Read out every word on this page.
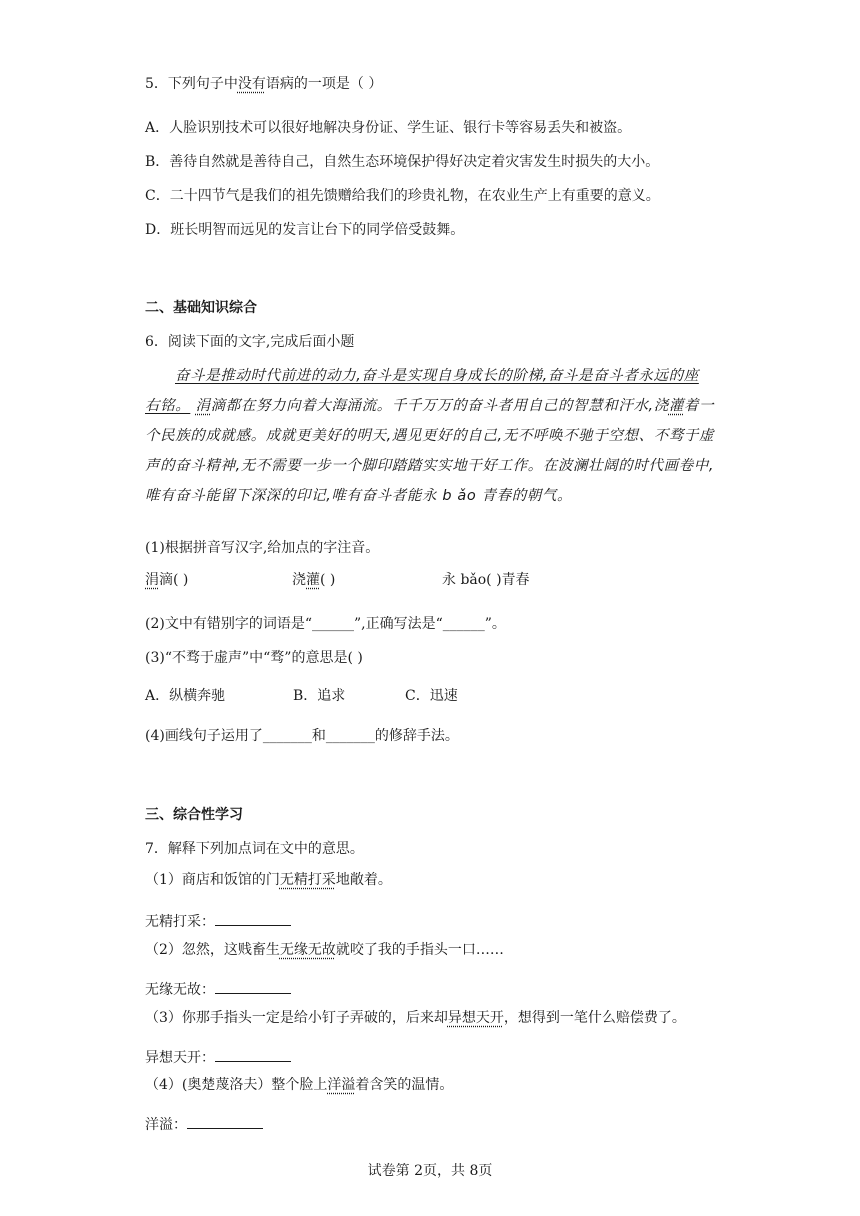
5．下列句子中没有语病的一项是（ ）
A．人脸识别技术可以很好地解决身份证、学生证、银行卡等容易丢失和被盗。
B．善待自然就是善待自己，自然生态环境保护得好决定着灾害发生时损失的大小。
C．二十四节气是我们的祖先馈赠给我们的珍贵礼物，在农业生产上有重要的意义。
D．班长明智而远见的发言让台下的同学倍受鼓舞。
二、基础知识综合
6．阅读下面的文字,完成后面小题
奋斗是推动时代前进的动力,奋斗是实现自身成长的阶梯,奋斗是奋斗者永远的座
右铭。 涓滴都在努力向着大海涌流。千千万万的奋斗者用自己的智慧和汗水,浇灌着一
个民族的成就感。成就更美好的明天,遇见更好的自己,无不呼唤不驰于空想、不骛于虚
声的奋斗精神,无不需要一步一个脚印踏踏实实地干好工作。在波澜壮阔的时代画卷中,
唯有奋斗能留下深深的印记,唯有奋斗者能永 b ǎo 青春的朝气。
(1)根据拼音写汉字,给加点的字注音。
涓滴( )	浇灌( )	永 bǎo( )青春
(2)文中有错别字的词语是“______”,正确写法是“______”。
(3)“不骛于虚声”中“骛”的意思是( )
A．纵横奔驰	B．追求	C．迅速
(4)画线句子运用了_______和_______的修辞手法。
三、综合性学习
7．解释下列加点词在文中的意思。
（1）商店和饭馆的门无精打采地敞着。
无精打采：
（2）忽然，这贱畜生无缘无故就咬了我的手指头一口……
无缘无故：
（3）你那手指头一定是给小钉子弄破的，后来却异想天开，想得到一笔什么赔偿费了。
异想天开：
（4）(奥楚蔑洛夫）整个脸上洋溢着含笑的温情。
洋溢：
试卷第 2页，共 8页
